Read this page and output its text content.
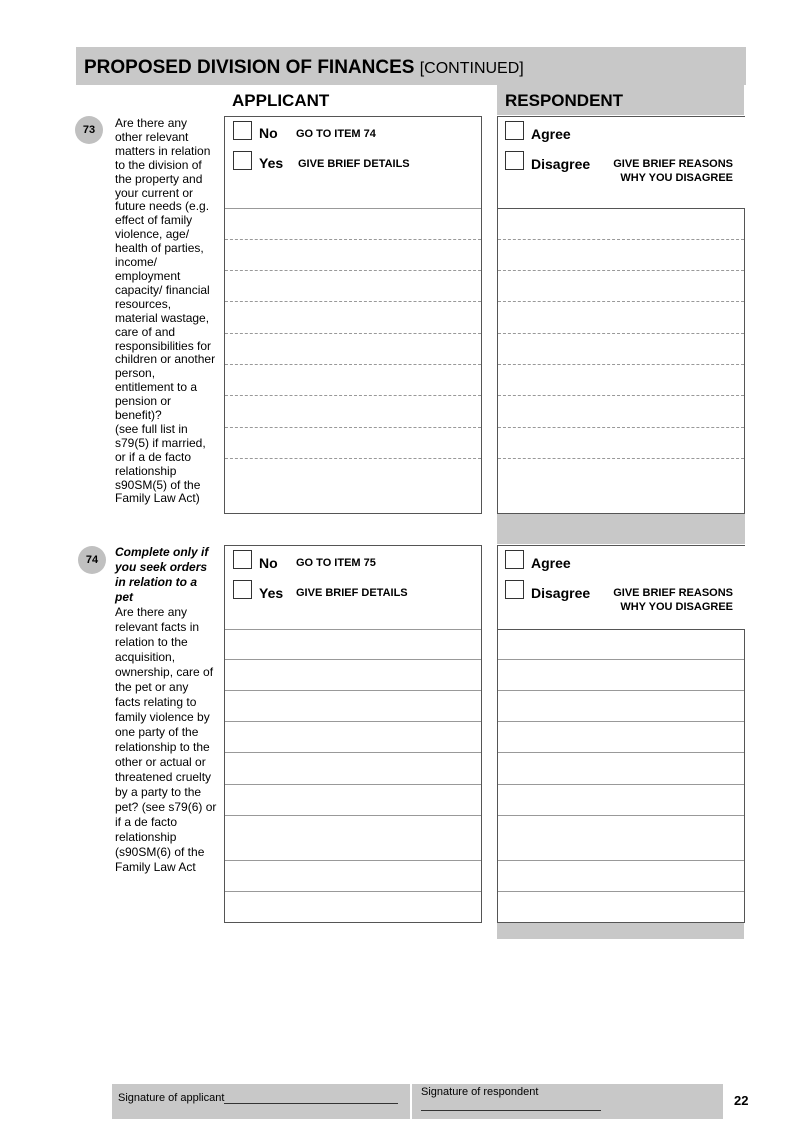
PROPOSED DIVISION OF FINANCES [CONTINUED]
APPLICANT	RESPONDENT
73	Are there any
other relevant
matters in relation
to the division of
the property and
your current or
future needs (e.g.
effect of family
violence, age/
health of parties,
income/
employment
capacity/ financial
resources,
material wastage,
care of and
responsibilities for
children or another
person,
entitlement to a
pension or
benefit)?
(see full list in
s79(5) if married,
or if a de facto
relationship
s90SM(5) of the
Family Law Act)
No GO TO ITEM 74
Yes GIVE BRIEF DETAILS
Agree
Disagree	GIVE BRIEF REASONS
WHY YOU DISAGREE
74
Complete only if
you seek orders
in relation to a
pet
Are there any
relevant facts in
relation to the
acquisition,
ownership, care of
the pet or any
facts relating to
family violence by
one party of the
relationship to the
other or actual or
threatened cruelty
by a party to the
pet? (see s79(6) or
if a de facto
relationship
(s90SM(6) of the
Family Law Act
No GO TO ITEM 75
Yes GIVE BRIEF DETAILS
Agree
Disagree	GIVE BRIEF REASONS
WHY YOU DISAGREE
Signature of applicant	Signature of respondent
22
